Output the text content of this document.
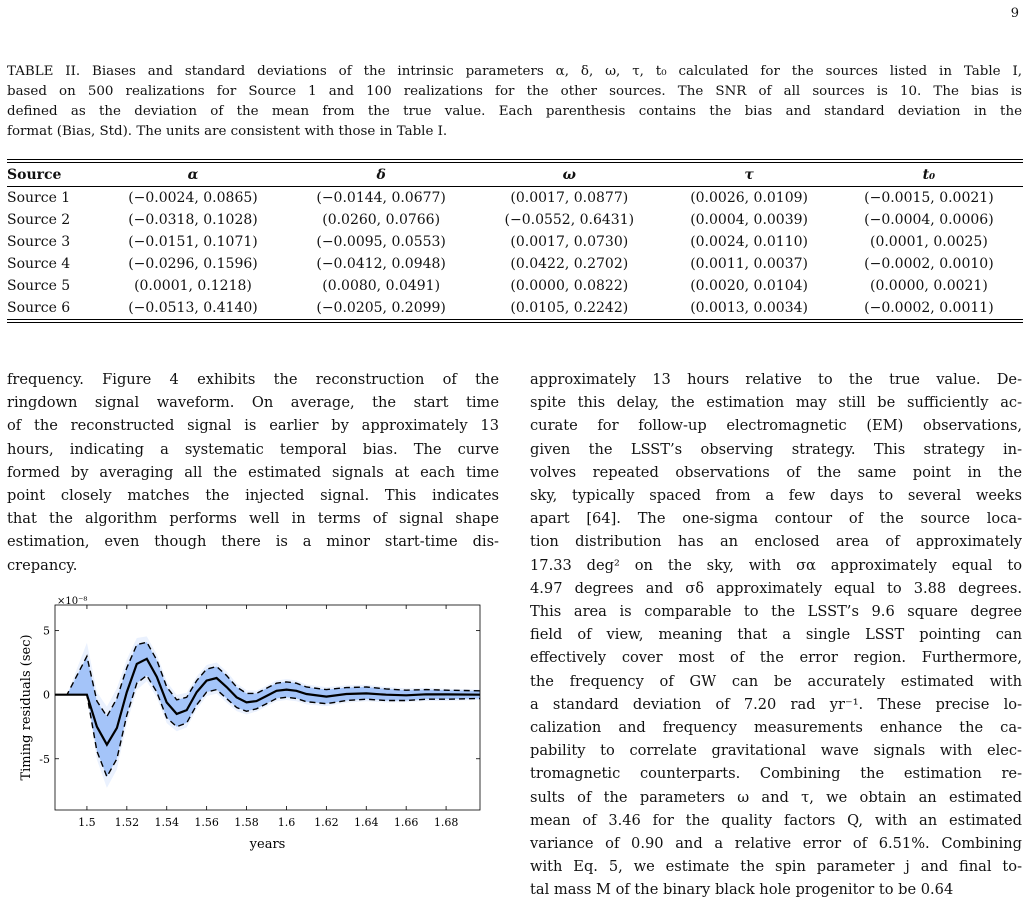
9
TABLE II. Biases and standard deviations of the intrinsic parameters α, δ, ω, τ, t₀ calculated for the sources listed in Table I,
based on 500 realizations for Source 1 and 100 realizations for the other sources. The SNR of all sources is 10. The bias is
defined as the deviation of the mean from the true value. Each parenthesis contains the bias and standard deviation in the
format (Bias, Std). The units are consistent with those in Table I.
Source	α	δ	ω	τ	t₀
Source 1	(−0.0024, 0.0865)	(−0.0144, 0.0677)	(0.0017, 0.0877)	(0.0026, 0.0109)	(−0.0015, 0.0021)
Source 2	(−0.0318, 0.1028)	(0.0260, 0.0766)	(−0.0552, 0.6431)	(0.0004, 0.0039)	(−0.0004, 0.0006)
Source 3	(−0.0151, 0.1071)	(−0.0095, 0.0553)	(0.0017, 0.0730)	(0.0024, 0.0110)	(0.0001, 0.0025)
Source 4	(−0.0296, 0.1596)	(−0.0412, 0.0948)	(0.0422, 0.2702)	(0.0011, 0.0037)	(−0.0002, 0.0010)
Source 5	(0.0001, 0.1218)	(0.0080, 0.0491)	(0.0000, 0.0822)	(0.0020, 0.0104)	(0.0000, 0.0021)
Source 6	(−0.0513, 0.4140)	(−0.0205, 0.2099)	(0.0105, 0.2242)	(0.0013, 0.0034)	(−0.0002, 0.0011)
frequency. Figure 4 exhibits the reconstruction of the
ringdown signal waveform. On average, the start time
of the reconstructed signal is earlier by approximately 13
hours, indicating a systematic temporal bias. The curve
formed by averaging all the estimated signals at each time
point closely matches the injected signal. This indicates
that the algorithm performs well in terms of signal shape
estimation, even though there is a minor start-time dis-
crepancy.
approximately 13 hours relative to the true value. De-
spite this delay, the estimation may still be sufficiently ac-
curate for follow-up electromagnetic (EM) observations,
given the LSST’s observing strategy. This strategy in-
volves repeated observations of the same point in the
sky, typically spaced from a few days to several weeks
apart [64]. The one-sigma contour of the source loca-
tion distribution has an enclosed area of approximately
17.33 deg² on the sky, with σα approximately equal to
4.97 degrees and σδ approximately equal to 3.88 degrees.
This area is comparable to the LSST’s 9.6 square degree
field of view, meaning that a single LSST pointing can
effectively cover most of the error region. Furthermore,
the frequency of GW can be accurately estimated with
a standard deviation of 7.20 rad yr⁻¹. These precise lo-
calization and frequency measurements enhance the ca-
pability to correlate gravitational wave signals with elec-
tromagnetic counterparts. Combining the estimation re-
sults of the parameters ω and τ, we obtain an estimated
mean of 3.46 for the quality factors Q, with an estimated
variance of 0.90 and a relative error of 6.51%. Combining
with Eq. 5, we estimate the spin parameter j and final to-
tal mass M of the binary black hole progenitor to be 0.64
1.5 1.52 1.54 1.56 1.58 1.6 1.62 1.64 1.66 1.68
5
0
-5
×10⁻⁸
years
Timing residuals (sec)
